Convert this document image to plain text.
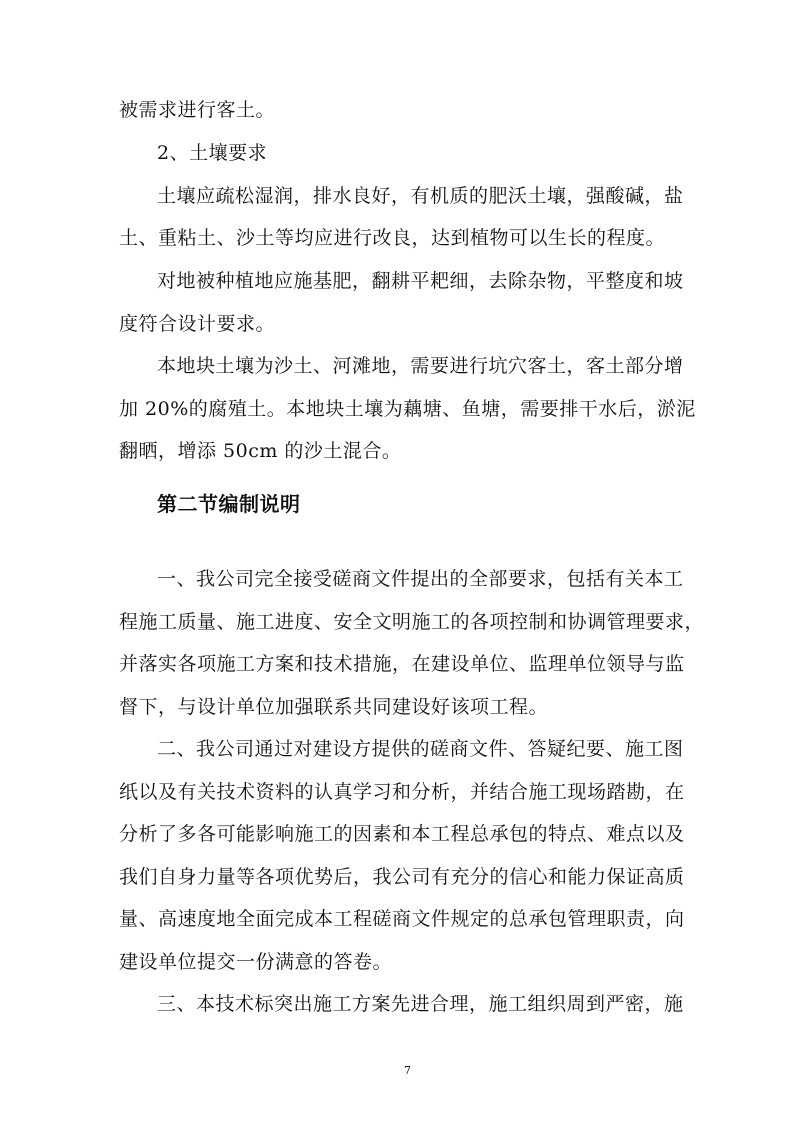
被需求进行客土。
2、土壤要求
土壤应疏松湿润，排水良好，有机质的肥沃土壤，强酸碱，盐
土、重粘土、沙土等均应进行改良，达到植物可以生长的程度。
对地被种植地应施基肥，翻耕平耙细，去除杂物，平整度和坡
度符合设计要求。
本地块土壤为沙土、河滩地，需要进行坑穴客土，客土部分增
加 20%的腐殖土。本地块土壤为藕塘、鱼塘，需要排干水后，淤泥
翻晒，增添 50cm 的沙土混合。
第二节编制说明
一、我公司完全接受磋商文件提出的全部要求，包括有关本工
程施工质量、施工进度、安全文明施工的各项控制和协调管理要求，
并落实各项施工方案和技术措施，在建设单位、监理单位领导与监
督下，与设计单位加强联系共同建设好该项工程。
二、我公司通过对建设方提供的磋商文件、答疑纪要、施工图
纸以及有关技术资料的认真学习和分析，并结合施工现场踏勘，在
分析了多各可能影响施工的因素和本工程总承包的特点、难点以及
我们自身力量等各项优势后，我公司有充分的信心和能力保证高质
量、高速度地全面完成本工程磋商文件规定的总承包管理职责，向
建设单位提交一份满意的答卷。
三、本技术标突出施工方案先进合理，施工组织周到严密，施
7
